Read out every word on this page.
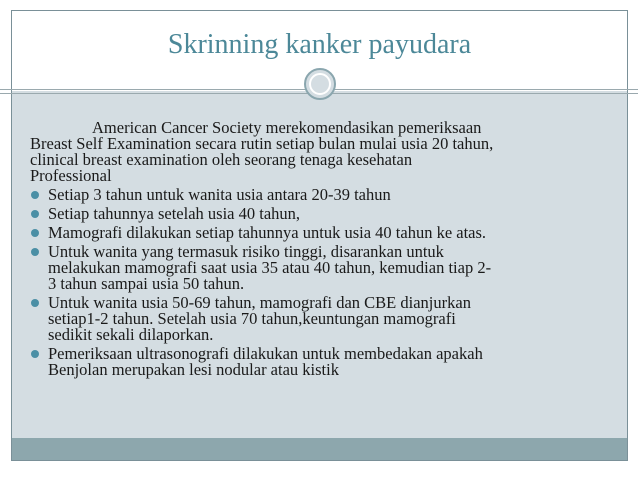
Skrinning kanker payudara

American Cancer Society merekomendasikan pemeriksaan

Breast Self Examination secara rutin setiap bulan mulai usia 20 tahun,

clinical breast examination oleh seorang tenaga kesehatan

Professional

Setiap 3 tahun untuk wanita usia antara 20-39 tahun
Setiap tahunnya setelah usia 40 tahun,
Mamografi dilakukan setiap tahunnya untuk usia 40 tahun ke atas.
Untuk wanita yang termasuk risiko tinggi, disarankan untuk
melakukan mamografi saat usia 35 atau 40 tahun, kemudian tiap 2-
3 tahun sampai usia 50 tahun.
Untuk wanita usia 50-69 tahun, mamografi dan CBE dianjurkan
setiap1-2 tahun. Setelah usia 70 tahun,keuntungan mamografi
sedikit sekali dilaporkan.
Pemeriksaan ultrasonografi dilakukan untuk membedakan apakah
Benjolan merupakan lesi nodular atau kistik
